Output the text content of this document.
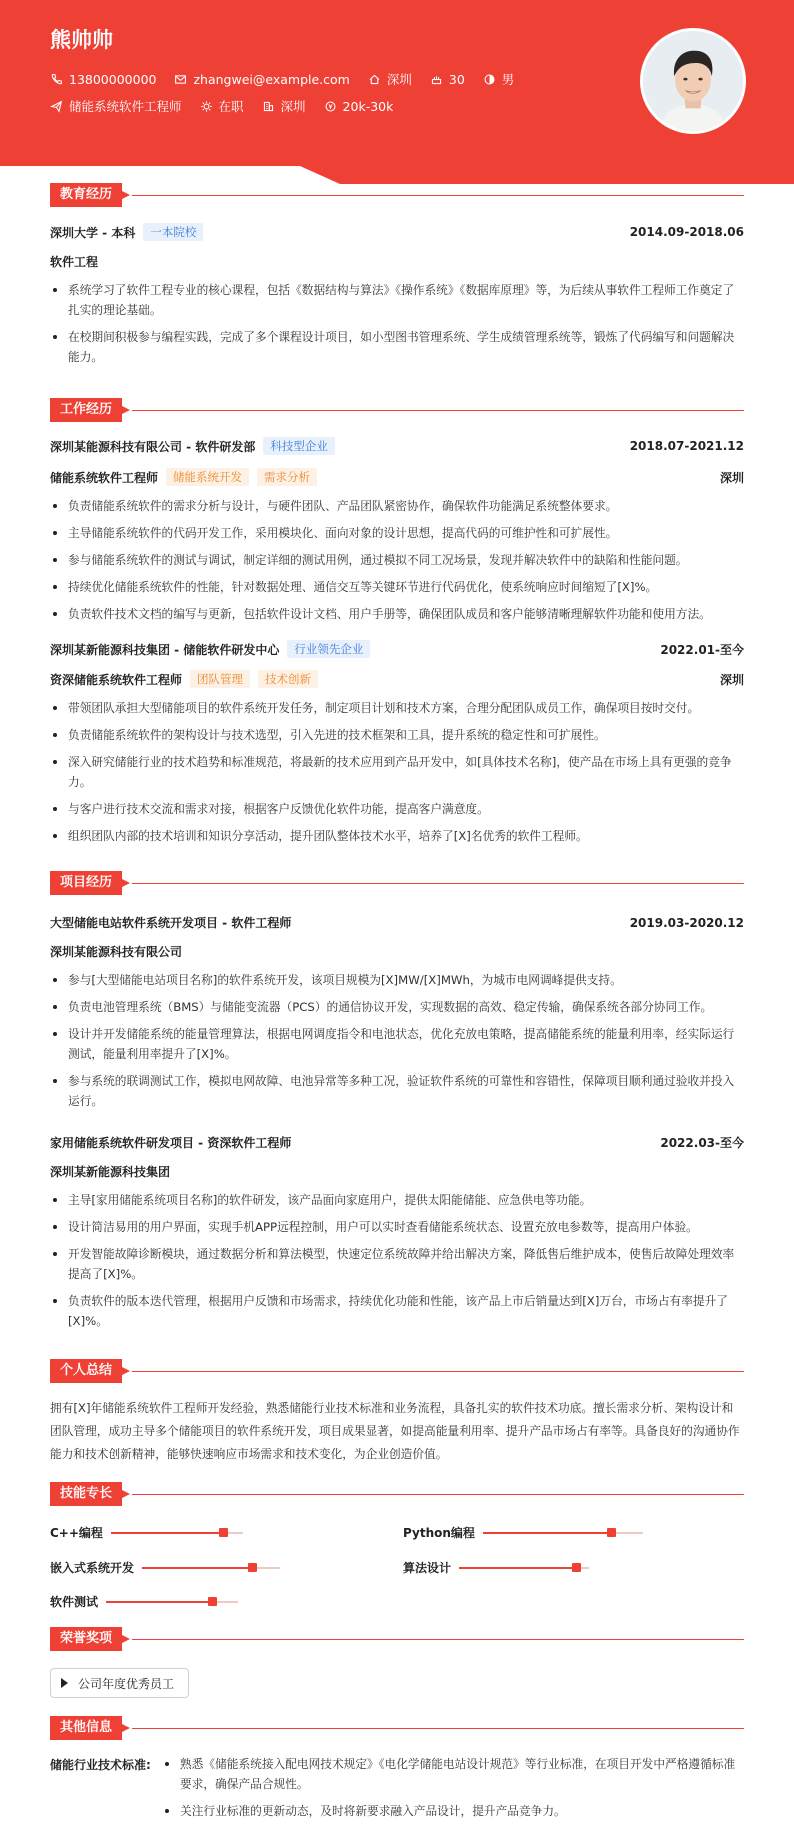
熊帅帅
13800000000	zhangwei@example.com	深圳	30	男
储能系统软件工程师	在职	深圳	20k-30k
教育经历
深圳大学 - 本科	一本院校	2014.09-2018.06
软件工程
系统学习了软件工程专业的核心课程，包括《数据结构与算法》《操作系统》《数据库原理》等，为后续从事软件工程师工作奠定了扎实的理论基础。
在校期间积极参与编程实践，完成了多个课程设计项目，如小型图书管理系统、学生成绩管理系统等，锻炼了代码编写和问题解决能力。
工作经历
深圳某能源科技有限公司 - 软件研发部	科技型企业	2018.07-2021.12
储能系统软件工程师	储能系统开发	需求分析	深圳
负责储能系统软件的需求分析与设计，与硬件团队、产品团队紧密协作，确保软件功能满足系统整体要求。
主导储能系统软件的代码开发工作，采用模块化、面向对象的设计思想，提高代码的可维护性和可扩展性。
参与储能系统软件的测试与调试，制定详细的测试用例，通过模拟不同工况场景，发现并解决软件中的缺陷和性能问题。
持续优化储能系统软件的性能，针对数据处理、通信交互等关键环节进行代码优化，使系统响应时间缩短了[X]%。
负责软件技术文档的编写与更新，包括软件设计文档、用户手册等，确保团队成员和客户能够清晰理解软件功能和使用方法。
深圳某新能源科技集团 - 储能软件研发中心	行业领先企业	2022.01-至今
资深储能系统软件工程师	团队管理	技术创新	深圳
带领团队承担大型储能项目的软件系统开发任务，制定项目计划和技术方案，合理分配团队成员工作，确保项目按时交付。
负责储能系统软件的架构设计与技术选型，引入先进的技术框架和工具，提升系统的稳定性和可扩展性。
深入研究储能行业的技术趋势和标准规范，将最新的技术应用到产品开发中，如[具体技术名称]，使产品在市场上具有更强的竞争力。
与客户进行技术交流和需求对接，根据客户反馈优化软件功能，提高客户满意度。
组织团队内部的技术培训和知识分享活动，提升团队整体技术水平，培养了[X]名优秀的软件工程师。
项目经历
大型储能电站软件系统开发项目 - 软件工程师	2019.03-2020.12
深圳某能源科技有限公司
参与[大型储能电站项目名称]的软件系统开发，该项目规模为[X]MW/[X]MWh，为城市电网调峰提供支持。
负责电池管理系统（BMS）与储能变流器（PCS）的通信协议开发，实现数据的高效、稳定传输，确保系统各部分协同工作。
设计并开发储能系统的能量管理算法，根据电网调度指令和电池状态，优化充放电策略，提高储能系统的能量利用率，经实际运行测试，能量利用率提升了[X]%。
参与系统的联调测试工作，模拟电网故障、电池异常等多种工况，验证软件系统的可靠性和容错性，保障项目顺利通过验收并投入运行。
家用储能系统软件研发项目 - 资深软件工程师	2022.03-至今
深圳某新能源科技集团
主导[家用储能系统项目名称]的软件研发，该产品面向家庭用户，提供太阳能储能、应急供电等功能。
设计简洁易用的用户界面，实现手机APP远程控制，用户可以实时查看储能系统状态、设置充放电参数等，提高用户体验。
开发智能故障诊断模块，通过数据分析和算法模型，快速定位系统故障并给出解决方案，降低售后维护成本，使售后故障处理效率提高了[X]%。
负责软件的版本迭代管理，根据用户反馈和市场需求，持续优化功能和性能，该产品上市后销量达到[X]万台，市场占有率提升了[X]%。
个人总结
拥有[X]年储能系统软件工程师开发经验，熟悉储能行业技术标准和业务流程，具备扎实的软件技术功底。擅长需求分析、架构设计和团队管理，成功主导多个储能项目的软件系统开发，项目成果显著，如提高能量利用率、提升产品市场占有率等。具备良好的沟通协作能力和技术创新精神，能够快速响应市场需求和技术变化，为企业创造价值。
技能专长
C++编程	Python编程
嵌入式系统开发	算法设计
软件测试
荣誉奖项
公司年度优秀员工
其他信息
储能行业技术标准:	熟悉《储能系统接入配电网技术规定》《电化学储能电站设计规范》等行业标准，在项目开发中严格遵循标准要求，确保产品合规性。
关注行业标准的更新动态，及时将新要求融入产品设计，提升产品竞争力。
